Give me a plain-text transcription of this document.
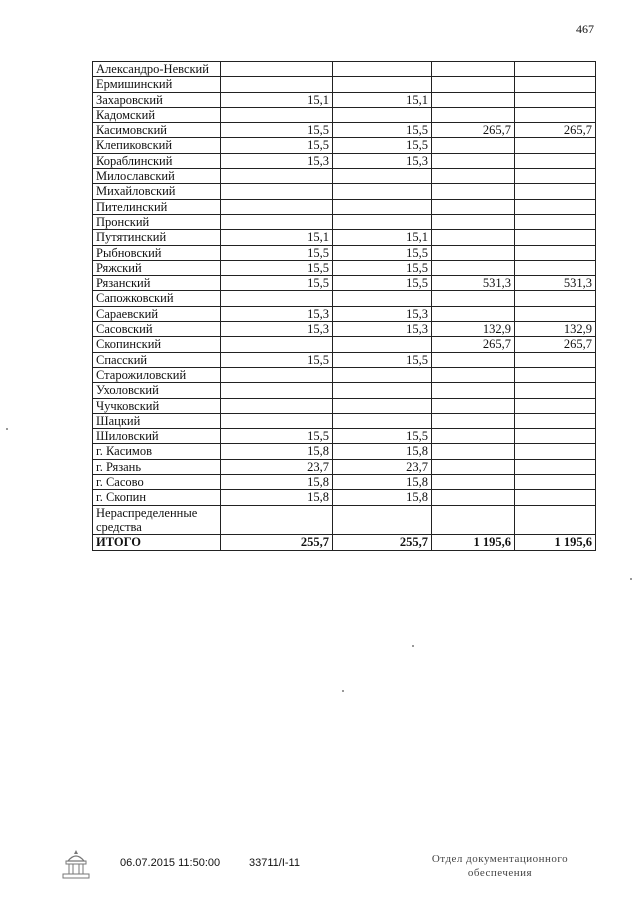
467
Александро-Невский				
Ермишинский				
Захаровский	15,1	15,1		
Кадомский				
Касимовский	15,5	15,5	265,7	265,7
Клепиковский	15,5	15,5		
Кораблинский	15,3	15,3		
Милославский				
Михайловский				
Пителинский				
Пронский				
Путятинский	15,1	15,1		
Рыбновский	15,5	15,5		
Ряжский	15,5	15,5		
Рязанский	15,5	15,5	531,3	531,3
Сапожковский				
Сараевский	15,3	15,3		
Сасовский	15,3	15,3	132,9	132,9
Скопинский			265,7	265,7
Спасский	15,5	15,5		
Старожиловский				
Ухоловский				
Чучковский				
Шацкий				
Шиловский	15,5	15,5		
г. Касимов	15,8	15,8		
г. Рязань	23,7	23,7		
г. Сасово	15,8	15,8		
г. Скопин	15,8	15,8		
Нераспределенные средства				
ИТОГО	255,7	255,7	1 195,6	1 195,6
06.07.2015 11:50:00	33711/I-11	Отдел документационного
обеспечения
